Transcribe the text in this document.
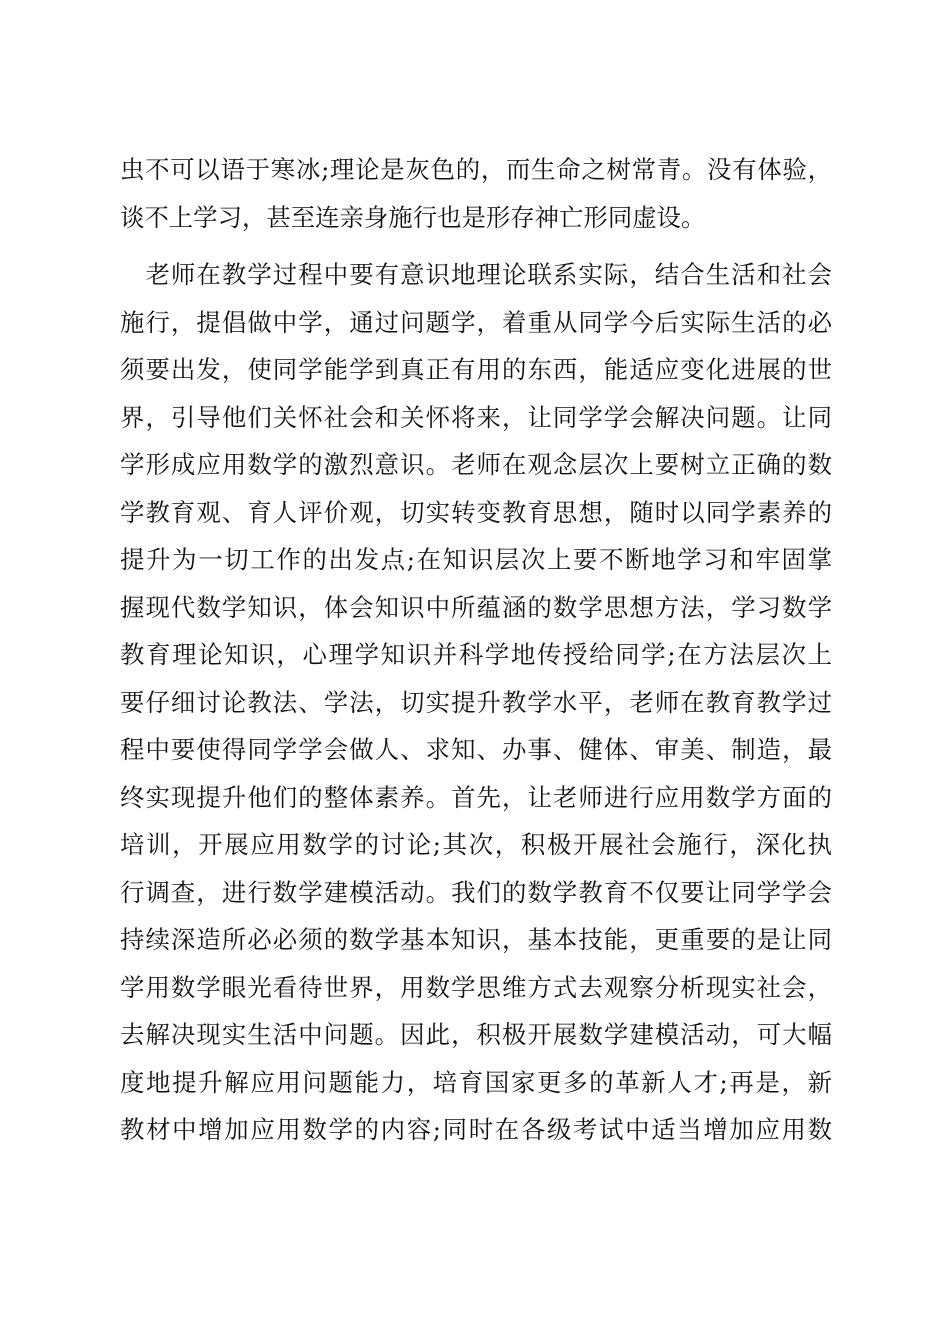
虫不可以语于寒冰;理论是灰色的，而生命之树常青。没有体验，
谈不上学习，甚至连亲身施行也是形存神亡形同虚设。
　老师在教学过程中要有意识地理论联系实际，结合生活和社会
施行，提倡做中学，通过问题学，着重从同学今后实际生活的必
须要出发，使同学能学到真正有用的东西，能适应变化进展的世
界，引导他们关怀社会和关怀将来，让同学学会解决问题。让同
学形成应用数学的激烈意识。老师在观念层次上要树立正确的数
学教育观、育人评价观，切实转变教育思想，随时以同学素养的
提升为一切工作的出发点;在知识层次上要不断地学习和牢固掌
握现代数学知识，体会知识中所蕴涵的数学思想方法，学习数学
教育理论知识，心理学知识并科学地传授给同学;在方法层次上
要仔细讨论教法、学法，切实提升教学水平，老师在教育教学过
程中要使得同学学会做人、求知、办事、健体、审美、制造，最
终实现提升他们的整体素养。首先，让老师进行应用数学方面的
培训，开展应用数学的讨论;其次，积极开展社会施行，深化执
行调查，进行数学建模活动。我们的数学教育不仅要让同学学会
持续深造所必必须的数学基本知识，基本技能，更重要的是让同
学用数学眼光看待世界，用数学思维方式去观察分析现实社会，
去解决现实生活中问题。因此，积极开展数学建模活动，可大幅
度地提升解应用问题能力，培育国家更多的革新人才;再是，新
教材中增加应用数学的内容;同时在各级考试中适当增加应用数
